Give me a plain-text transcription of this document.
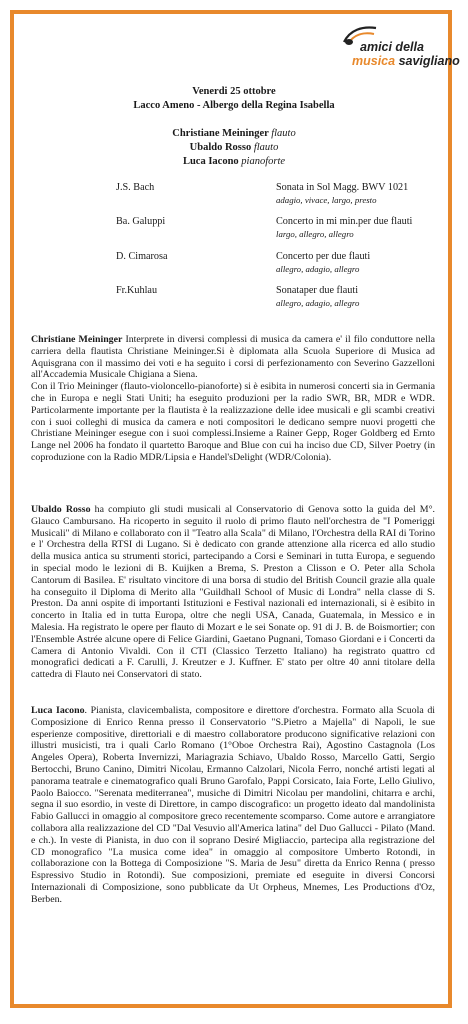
amici della
musica savigliano
Venerdi 25 ottobre
Lacco Ameno - Albergo della Regina Isabella
Christiane Meininger flauto
Ubaldo Rosso flauto
Luca Iacono pianoforte
J.S. Bach	Sonata in Sol Magg. BWV 1021
adagio, vivace, largo, presto
Ba. Galuppi	Concerto in mi min.per due flauti
largo, allegro, allegro
D. Cimarosa	Concerto per due flauti
allegro, adagio, allegro
Fr.Kuhlau	Sonataper due flauti
allegro, adagio, allegro

Christiane Meininger Interprete in diversi complessi di musica da camera e' il filo conduttore nella carriera della flautista Christiane Meininger.Si è diplomata alla Scuola Superiore di Musica ad Aquisgrana con il massimo dei voti e ha seguito i corsi di perfezionamento con Severino Gazzelloni all'Accademia Musicale Chigiana a Siena.

Con il Trio Meininger (flauto-violoncello-pianoforte) si è esibita in numerosi concerti sia in Germania che in Europa e negli Stati Uniti; ha eseguito produzioni per la radio SWR, BR, MDR e WDR. Particolarmente importante per la flautista è la realizzazione delle idee musicali e gli scambi creativi con i suoi colleghi di musica da camera e noti compositori le dedicano sempre nuovi progetti che Christiane Meininger esegue con i suoi complessi.Insieme a Rainer Gepp, Roger Goldberg ed Ernto Lange nel 2006 ha fondato il quartetto Baroque and Blue con cui ha inciso due CD, Silver Poetry (in coproduzione con la Radio MDR/Lipsia e Handel'sDelight (WDR/Colonia).

Ubaldo Rosso ha compiuto gli studi musicali al Conservatorio di Genova sotto la guida del M°. Glauco Cambursano. Ha ricoperto in seguito il ruolo di primo flauto nell'orchestra de "I Pomeriggi Musicali" di Milano e collaborato con il "Teatro alla Scala" di Milano, l'Orchestra della RAI di Torino e l' Orchestra della RTSI di Lugano. Si è dedicato con grande attenzione alla ricerca ed allo studio della musica antica su strumenti storici, partecipando a Corsi e Seminari in tutta Europa, e seguendo in special modo le lezioni di B. Kuijken a Brema, S. Preston a Clisson e O. Peter alla Schola Cantorum di Basilea. E' risultato vincitore di una borsa di studio del British Council grazie alla quale ha conseguito il Diploma di Merito alla "Guildhall School of Music di Londra" nella classe di S. Preston. Da anni ospite di importanti Istituzioni e Festival nazionali ed internazionali, si è esibito in concerto in Italia ed in tutta Europa, oltre che negli USA, Canada, Guatemala, in Messico e in Malesia. Ha registrato le opere per flauto di Mozart e le sei Sonate op. 91 di J. B. de Boismortier; con l'Ensemble Astrée alcune opere di Felice Giardini, Gaetano Pugnani, Tomaso Giordani e i Concerti da Camera di Antonio Vivaldi. Con il CTI (Classico Terzetto Italiano) ha registrato quattro cd monografici dedicati a F. Carulli, J. Kreutzer e J. Kuffner. E' stato per oltre 40 anni titolare della cattedra di Flauto nei Conservatori di stato.

Luca Iacono. Pianista, clavicembalista, compositore e direttore d'orchestra. Formato alla Scuola di Composizione di Enrico Renna presso il Conservatorio "S.Pietro a Majella" di Napoli, le sue esperienze compositive, direttoriali e di maestro collaboratore producono significative relazioni con illustri musicisti, tra i quali Carlo Romano (1°Oboe Orchestra Rai), Agostino Castagnola (Los Angeles Opera), Roberta Invernizzi, Mariagrazia Schiavo, Ubaldo Rosso, Marcello Gatti, Sergio Bertocchi, Bruno Canino, Dimitri Nicolau, Ermanno Calzolari, Nicola Ferro, nonché artisti legati al panorama teatrale e cinematografico quali Bruno Garofalo, Pappi Corsicato, Iaia Forte, Lello Giulivo, Paolo Baiocco. "Serenata mediterranea", musiche di Dimitri Nicolau per mandolini, chitarra e archi, segna il suo esordio, in veste di Direttore, in campo discografico: un progetto ideato dal mandolinista Fabio Gallucci in omaggio al compositore greco recentemente scomparso. Come autore e arrangiatore collabora alla realizzazione del CD "Dal Vesuvio all'America latina" del Duo Gallucci - Pilato (Mand. e ch.). In veste di Pianista, in duo con il soprano Desiré Migliaccio, partecipa alla registrazione del CD monografico "La musica come idea" in omaggio al compositore Umberto Rotondi, in collaborazione con la Bottega di Composizione "S. Maria de Jesu" diretta da Enrico Renna ( presso Espressivo Studio in Rotondi). Sue composizioni, premiate ed eseguite in diversi Concorsi Internazionali di Composizione, sono pubblicate da Ut Orpheus, Mnemes, Les Productions d'Oz, Berben.
